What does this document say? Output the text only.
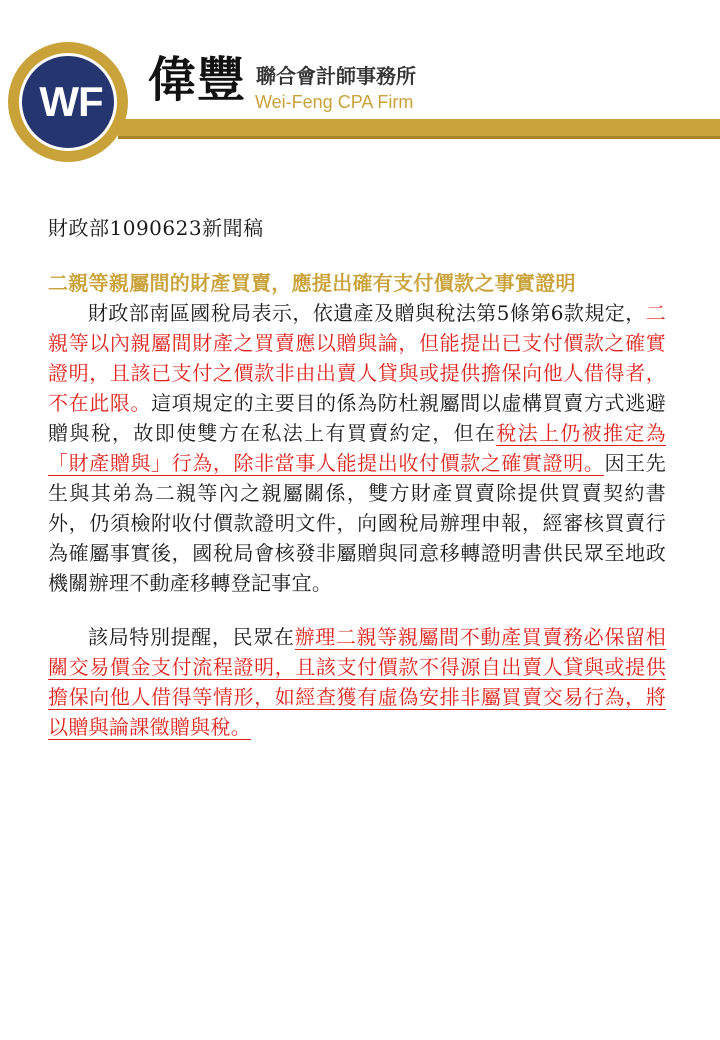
WF 偉豐 聯合會計師事務所
Wei-Feng CPA Firm

財政部1090623新聞稿

二親等親屬間的財產買賣，應提出確有支付價款之事實證明

財政部南區國稅局表示，依遺產及贈與稅法第5條第6款規定，二親等以內親屬間財產之買賣應以贈與論，但能提出已支付價款之確實證明，且該已支付之價款非由出賣人貸與或提供擔保向他人借得者，不在此限。這項規定的主要目的係為防杜親屬間以虛構買賣方式逃避贈與稅，故即使雙方在私法上有買賣約定，但在稅法上仍被推定為「財產贈與」行為，除非當事人能提出收付價款之確實證明。因王先生與其弟為二親等內之親屬關係，雙方財產買賣除提供買賣契約書外，仍須檢附收付價款證明文件，向國稅局辦理申報，經審核買賣行為確屬事實後，國稅局會核發非屬贈與同意移轉證明書供民眾至地政機關辦理不動產移轉登記事宜。

該局特別提醒，民眾在辦理二親等親屬間不動產買賣務必保留相關交易價金支付流程證明，且該支付價款不得源自出賣人貸與或提供擔保向他人借得等情形，如經查獲有虛偽安排非屬買賣交易行為，將以贈與論課徵贈與稅。
